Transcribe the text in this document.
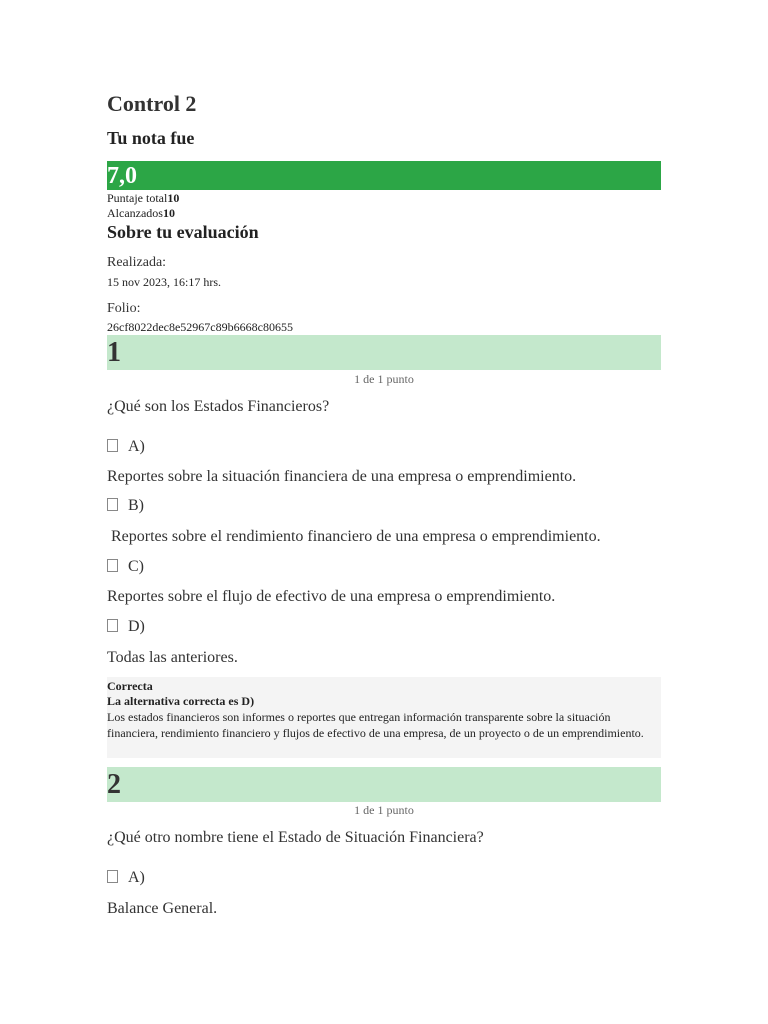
Control 2
Tu nota fue
7,0
Puntaje total10
Alcanzados10
Sobre tu evaluación
Realizada:
15 nov 2023, 16:17 hrs.
Folio:
26cf8022dec8e52967c89b6668c80655
1
1 de 1 punto
¿Qué son los Estados Financieros?
A)
Reportes sobre la situación financiera de una empresa o emprendimiento.
B)
Reportes sobre el rendimiento financiero de una empresa o emprendimiento.
C)
Reportes sobre el flujo de efectivo de una empresa o emprendimiento.
D)
Todas las anteriores.
Correcta
La alternativa correcta es D)
Los estados financieros son informes o reportes que entregan información transparente sobre la situación financiera, rendimiento financiero y flujos de efectivo de una empresa, de un proyecto o de un emprendimiento.
2
1 de 1 punto
¿Qué otro nombre tiene el Estado de Situación Financiera?
A)
Balance General.
